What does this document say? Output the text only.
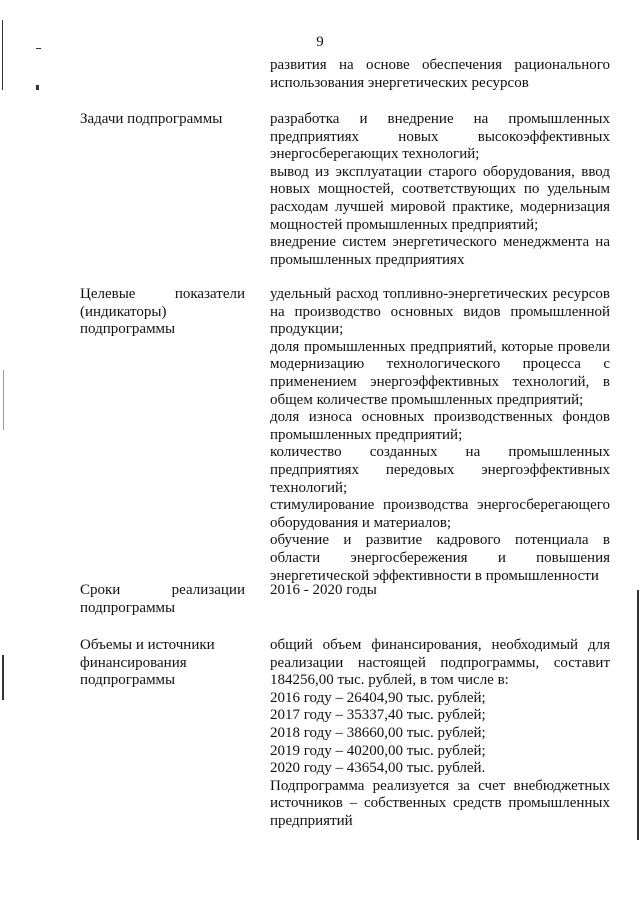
9
развития на основе обеспечения рационального
использования энергетических ресурсов
Задачи подпрограммы	разработка и внедрение на промышленных
предприятиях новых высокоэффективных
энергосберегающих технологий;
вывод из эксплуатации старого оборудования, ввод
новых мощностей, соответствующих по удельным
расходам лучшей мировой практике, модернизация
мощностей промышленных предприятий;
внедрение систем энергетического менеджмента на
промышленных предприятиях
Целевые показатели
(индикаторы)
подпрограммы
удельный расход топливно-энергетических ресурсов
на производство основных видов промышленной
продукции;
доля промышленных предприятий, которые провели
модернизацию технологического процесса с
применением энергоэффективных технологий, в
общем количестве промышленных предприятий;
доля износа основных производственных фондов
промышленных предприятий;
количество созданных на промышленных
предприятиях передовых энергоэффективных
технологий;
стимулирование производства энергосберегающего
оборудования и материалов;
обучение и развитие кадрового потенциала в
области энергосбережения и повышения
энергетической эффективности в промышленности
Сроки реализации
подпрограммы
2016 - 2020 годы
Объемы и источники
финансирования
подпрограммы
общий объем финансирования, необходимый для
реализации настоящей подпрограммы, составит
184256,00 тыс. рублей, в том числе в:
2016 году – 26404,90 тыс. рублей;
2017 году – 35337,40 тыс. рублей;
2018 году – 38660,00 тыс. рублей;
2019 году – 40200,00 тыс. рублей;
2020 году – 43654,00 тыс. рублей.
Подпрограмма реализуется за счет внебюджетных
источников – собственных средств промышленных
предприятий
